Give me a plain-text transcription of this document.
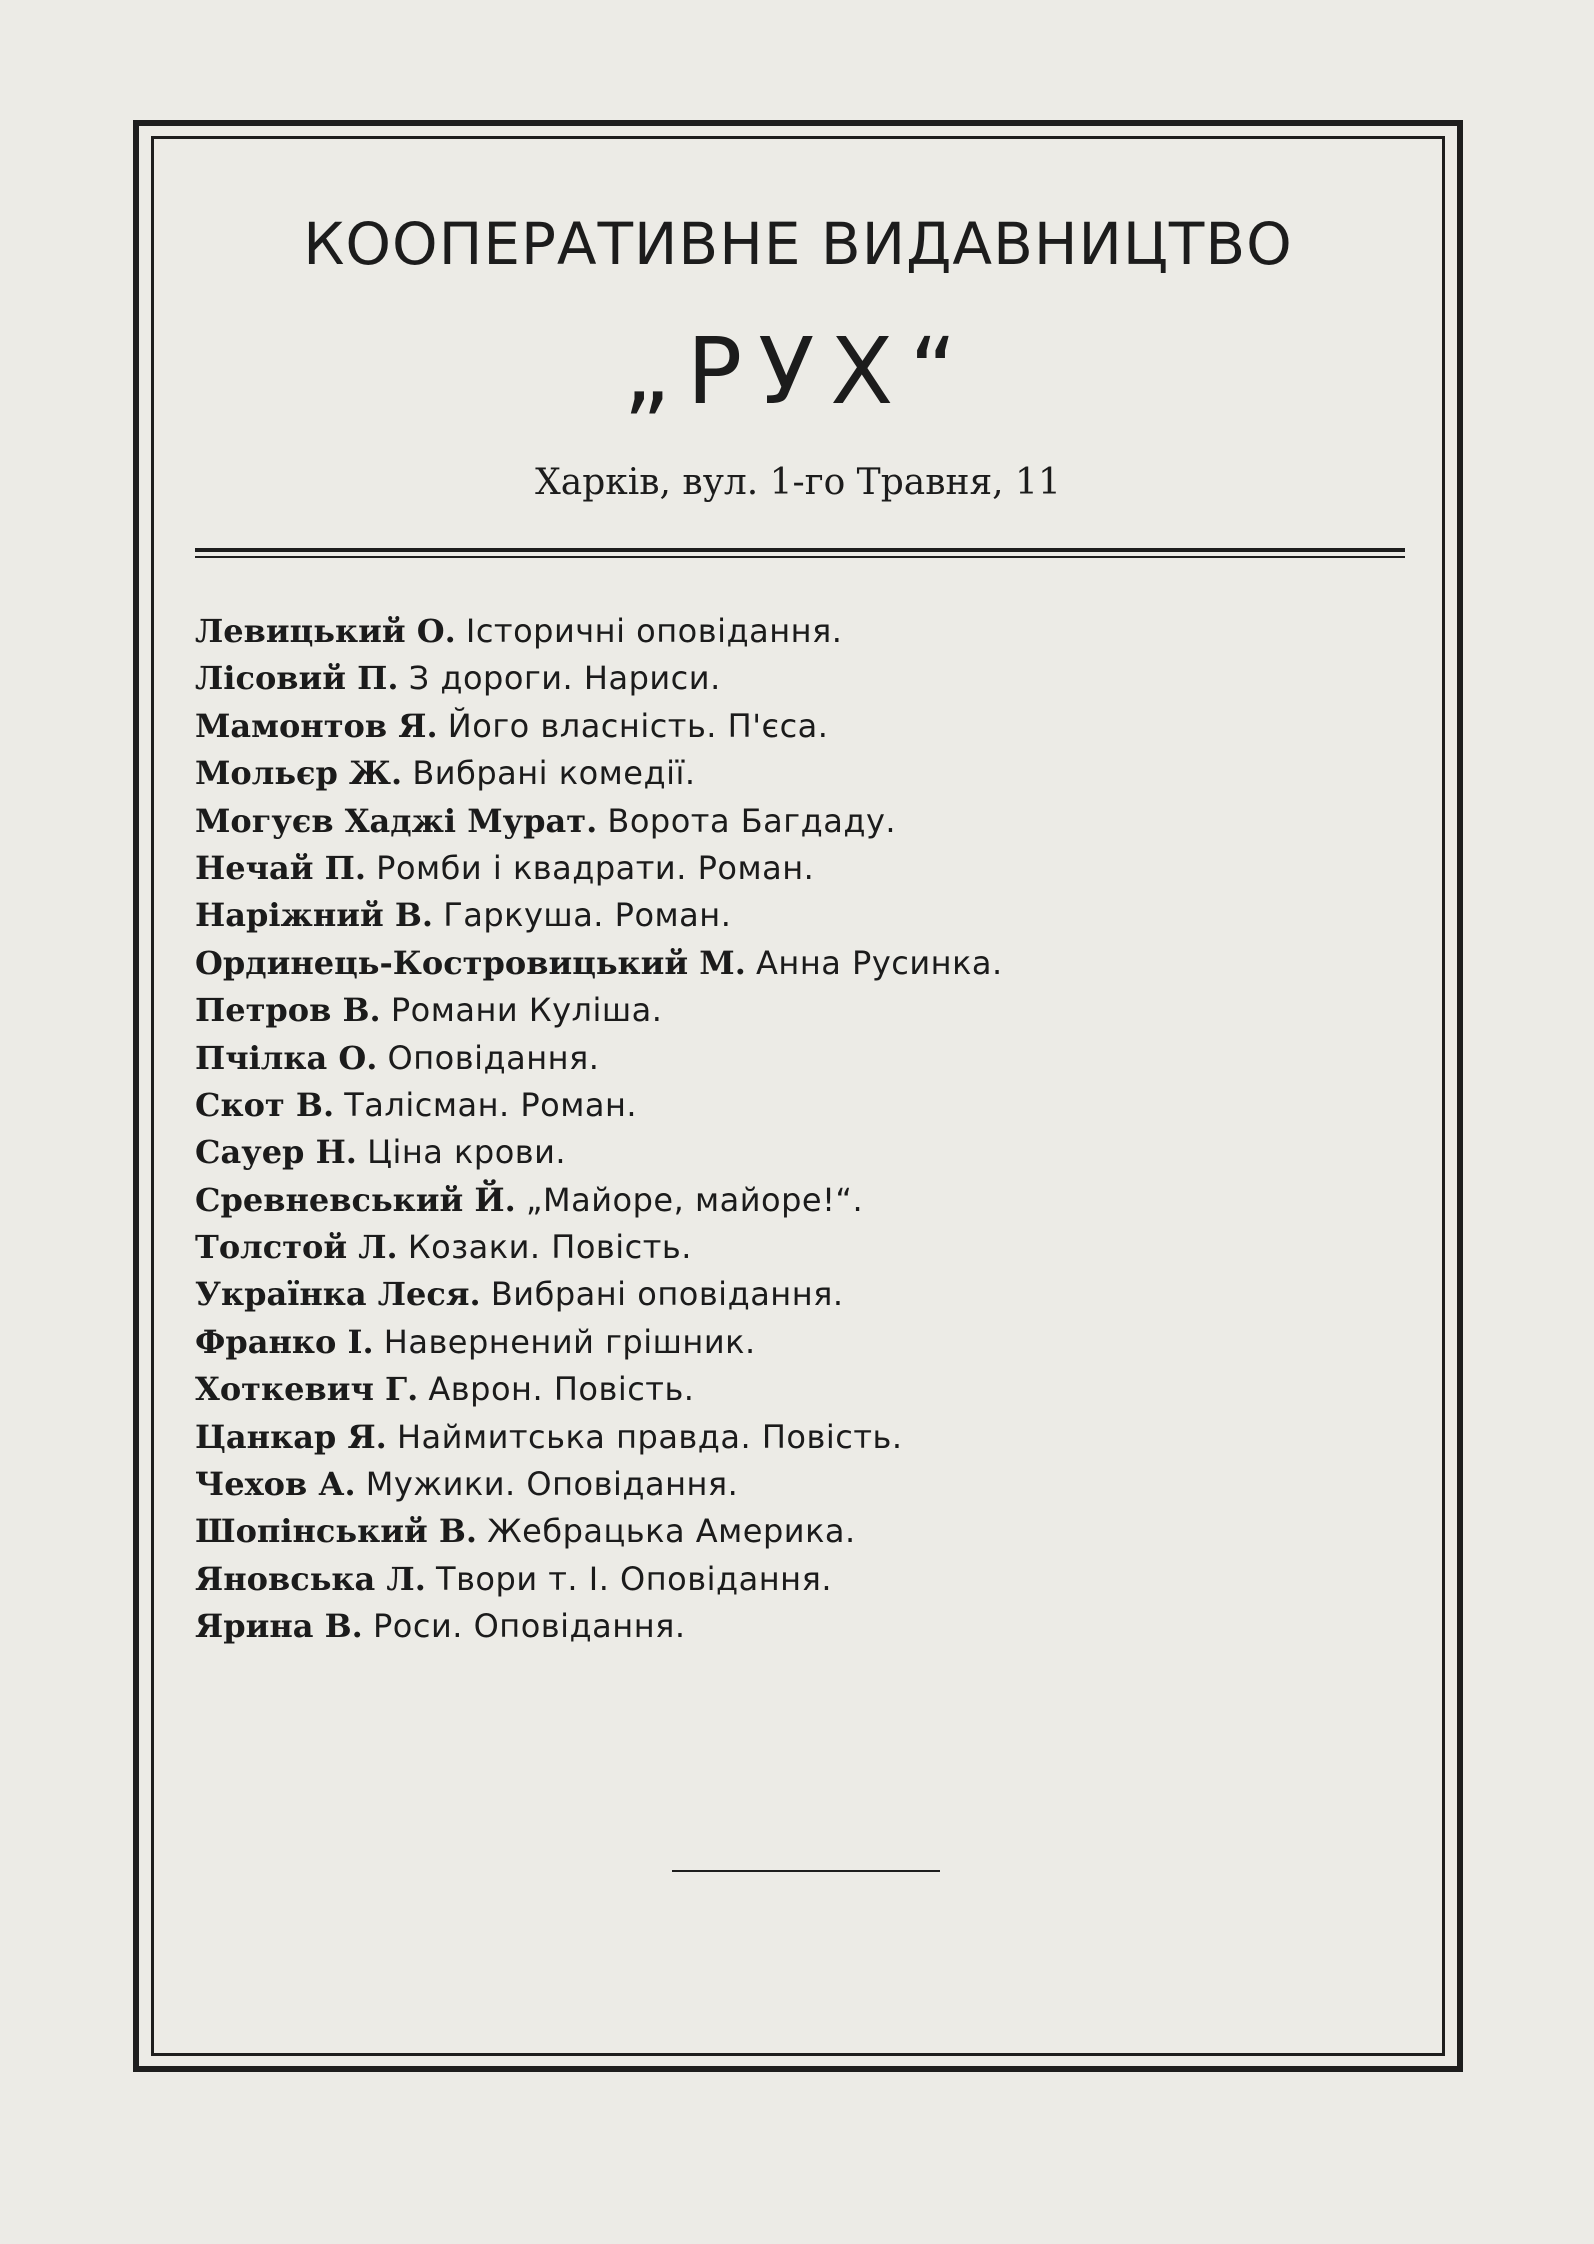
КООПЕРАТИВНЕ ВИДАВНИЦТВО
„РУХ“
Харків, вул. 1-го Травня, 11
Левицький О. Історичні оповідання.
Лісовий П. З дороги. Нариси.
Мамонтов Я. Його власність. П'єса.
Мольєр Ж. Вибрані комедії.
Могуєв Хаджі Мурат. Ворота Багдаду.
Нечай П. Ромби і квадрати. Роман.
Наріжний В. Гаркуша. Роман.
Ординець-Костровицький М. Анна Русинка.
Петров В. Романи Куліша.
Пчілка О. Оповідання.
Скот В. Талісман. Роман.
Сауер Н. Ціна крови.
Сревневський Й. „Майоре, майоре!“.
Толстой Л. Козаки. Повість.
Українка Леся. Вибрані оповідання.
Франко І. Навернений грішник.
Хоткевич Г. Аврон. Повість.
Цанкар Я. Наймитська правда. Повість.
Чехов А. Мужики. Оповідання.
Шопінський В. Жебрацька Америка.
Яновська Л. Твори т. І. Оповідання.
Ярина В. Роси. Оповідання.
